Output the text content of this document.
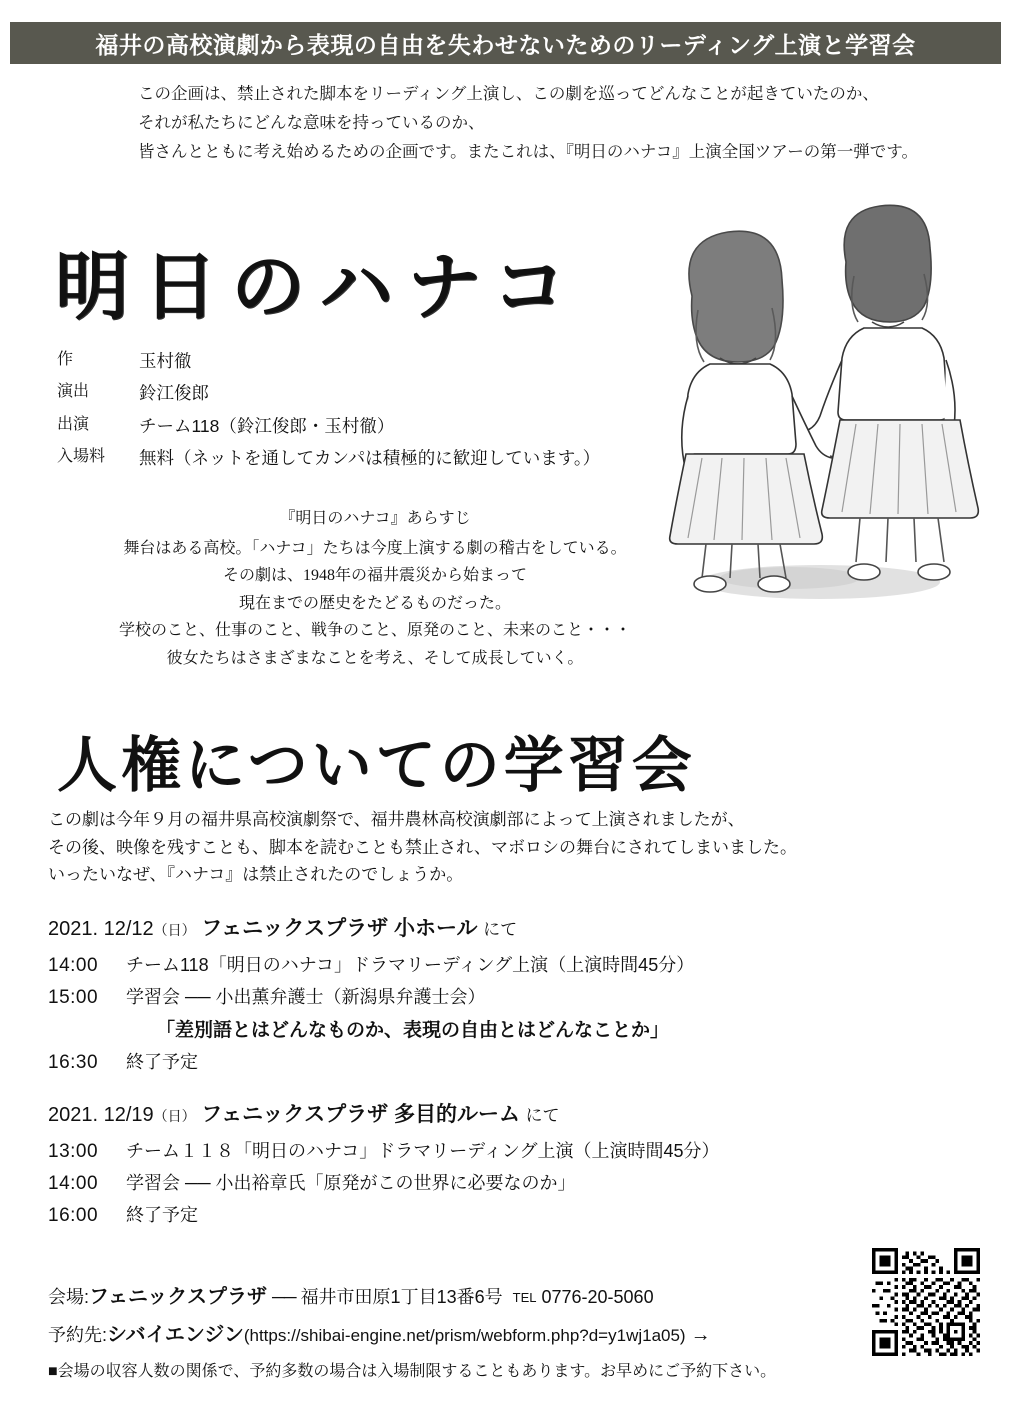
福井の高校演劇から表現の自由を失わせないためのリーディング上演と学習会
この企画は、禁止された脚本をリーディング上演し、この劇を巡ってどんなことが起きていたのか、
それが私たちにどんな意味を持っているのか、
皆さんとともに考え始めるための企画です。またこれは、『明日のハナコ』上演全国ツアーの第一弾です。
明日のハナコ
作	玉村徹
演出	鈴江俊郎
出演	チーム118 （鈴江俊郎・玉村徹）
入場料	無料（ネットを通してカンパは積極的に歓迎しています。）
『明日のハナコ』あらすじ
舞台はある高校。「ハナコ」たちは今度上演する劇の稽古をしている。
その劇は、1948年の福井震災から始まって
現在までの歴史をたどるものだった。
学校のこと、仕事のこと、戦争のこと、原発のこと、未来のこと・・・
彼女たちはさまざまなことを考え、そして成長していく。
人権についての学習会
この劇は今年９月の福井県高校演劇祭で、福井農林高校演劇部によって上演されましたが、
その後、映像を残すことも、脚本を読むことも禁止され、マボロシの舞台にされてしまいました。
いったいなぜ、『ハナコ』は禁止されたのでしょうか。
2021. 12/12（日） フェニックスプラザ 小ホール にて
14:00	チーム118「明日のハナコ」ドラマリーディング上演 （上演時間45分）
15:00	学習会 ── 小出薫弁護士 （新潟県弁護士会）
「差別語とはどんなものか、表現の自由とはどんなことか」
16:30	終了予定
2021. 12/19（日） フェニックスプラザ 多目的ルーム にて
13:00	チーム１１８「明日のハナコ」ドラマリーディング上演 （上演時間45分）
14:00	学習会 ── 小出裕章氏 「原発がこの世界に必要なのか」
16:00	終了予定
会場:フェニックスプラザ ── 福井市田原1丁目13番6号 TEL 0776-20-5060
予約先:シバイエンジン(https://shibai-engine.net/prism/webform.php?d=y1wj1a05) →
■会場の収容人数の関係で、予約多数の場合は入場制限することもあります。お早めにご予約下さい。
